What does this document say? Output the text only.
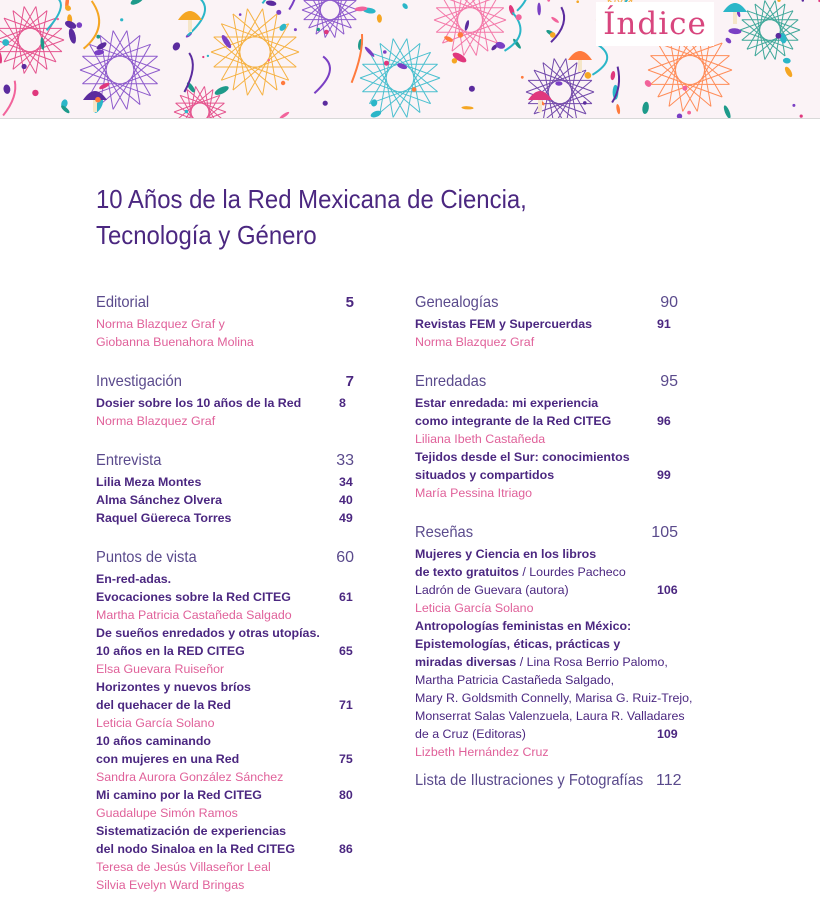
Índice
10 Años de la Red Mexicana de Ciencia,
Tecnología y Género
Editorial	5
Norma Blazquez Graf y
Giobanna Buenahora Molina
Investigación	7
Dosier sobre los 10 años de la Red	8
Norma Blazquez Graf
Entrevista	33
Lilia Meza Montes	34
Alma Sánchez Olvera	40
Raquel Güereca Torres	49
Puntos de vista	60
En-red-adas.
Evocaciones sobre la Red CITEG	61
Martha Patricia Castañeda Salgado
De sueños enredados y otras utopías.
10 años en la RED CITEG	65
Elsa Guevara Ruiseñor
Horizontes y nuevos bríos
del quehacer de la Red	71
Leticia García Solano
10 años caminando
con mujeres en una Red	75
Sandra Aurora González Sánchez
Mi camino por la Red CITEG	80
Guadalupe Simón Ramos
Sistematización de experiencias
del nodo Sinaloa en la Red CITEG	86
Teresa de Jesús Villaseñor Leal
Silvia Evelyn Ward Bringas
Genealogías	90
Revistas FEM y Supercuerdas	91
Norma Blazquez Graf
Enredadas	95
Estar enredada: mi experiencia
como integrante de la Red CITEG	96
Liliana Ibeth Castañeda
Tejidos desde el Sur: conocimientos
situados y compartidos	99
María Pessina Itriago
Reseñas	105
Mujeres y Ciencia en los libros
de texto gratuitos / Lourdes Pacheco
Ladrón de Guevara (autora)	106
Leticia García Solano
Antropologías feministas en México:
Epistemologías, éticas, prácticas y
miradas diversas / Lina Rosa Berrio Palomo,
Martha Patricia Castañeda Salgado,
Mary R. Goldsmith Connelly, Marisa G. Ruiz-Trejo,
Monserrat Salas Valenzuela, Laura R. Valladares
de a Cruz (Editoras)	109
Lizbeth Hernández Cruz
Lista de Ilustraciones y Fotografías 112
